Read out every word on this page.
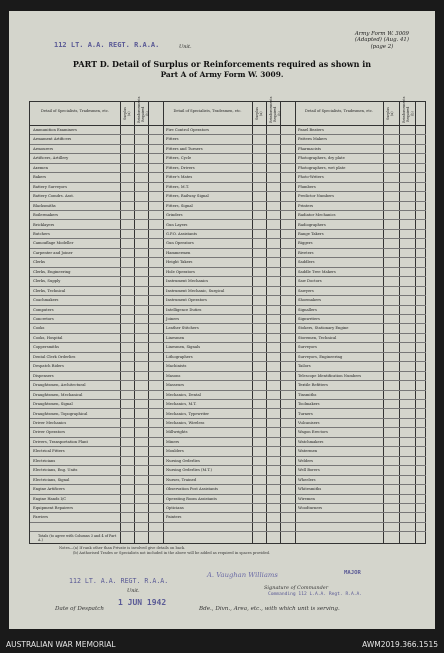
112 LT. A.A. REGT. R.A.A.	Unit.
Army Form W. 3009
(Adapted) (Aug. 41)
(page 2)
PART D. Detail of Surplus or Reinforcements required as shown in
Part A of Army Form W. 3009.
Detail of Specialists, Tradesmen, etc.	Surplus (a) Reinforcements Required (b)
Ammunition Examiners
Armament Artificers
Armourers
Artificers, Artillery
Axemen
Bakers
Battery Surveyors
Battery Comdrs. Asst.
Blacksmiths
Boilermakers
Bricklayers
Butchers
Camouflage Modeller
Carpenter and Joiner
Clerks
Clerks, Engineering
Clerks, Supply
Clerks, Technical
Coachmakers
Computers
Concretors
Cooks
Cooks, Hospital
Coppersmiths
Dental Clerk Orderlies
Despatch Riders
Dispensers
Draughtsmen, Architectural
Draughtsmen, Mechanical
Draughtsmen, Signal
Draughtsmen, Topographical
Driver Mechanics
Driver Operators
Drivers, Transportation Plant
Electrical Fitters
Electricians
Electricians, Eng. Units
Electricians, Signal
Engine Artificers
Engine Hands I/C
Equipment Repairers
Farriers
Detail of Specialists, Tradesmen, etc.	Surplus (a) Reinforcements Required (b)
Fire Control Operators
Fitters
Fitters and Turners
Fitters, Cycle
Fitters, Drivers
Fitter's Mates
Fitters, M.T.
Fitters, Railway Signal
Fitters, Signal
Grinders
Gun Layers
G.P.O. Assistants
Gun Operators
Hammermen
Height Takers
Hole Operators
Instrument Mechanics
Instrument Mechanic, Surgical
Instrument Operators
Intelligence Duties
Joiners
Leather Stitchers
Linesmen
Linesmen, Signals
Lithographers
Machinists
Masons
Masseurs
Mechanics, Dental
Mechanics, M.T.
Mechanics, Typewriter
Mechanics, Wireless
Millwrights
Miners
Moulders
Nursing Orderlies
Nursing Orderlies (M.T.)
Nurses, Trained
Observation Post Assistants
Operating Room Assistants
Opticians
Painters
Detail of Specialists, Tradesmen, etc.	Surplus (a) Reinforcements Required (b)
Panel Beaters
Pattern Makers
Pharmacists
Photographers, dry plate
Photographers, wet plate
Photo-Writers
Plumbers
Predictor Numbers
Printers
Radiator Mechanics
Radiographers
Range Takers
Riggers
Riveters
Saddlers
Saddle Tree Makers
Saw Doctors
Sawyers
Shoemakers
Signallers
Signwriters
Stokers, Stationary Engine
Storemen, Technical
Surveyors
Surveyors, Engineering
Tailors
Telescope Identification Numbers
Textile Refitters
Tinsmiths
Toolmakers
Turners
Vulcanisers
Wagon Erectors
Watchmakers
Watermen
Welders
Well Borers
Wheelers
Whitesmiths
Wiremen
Woodturners
Totals (to agree with Columns 3 and 4 of Part A.)
Notes—(a) If rank other than Private is involved give details on back.
(b) Authorised Trades or Specialists not included in the above will be added as required in spaces provided.
112 LT. A.A. REGT. R.A.A.
Unit.
A. Vaughan Williams	MAJOR
Signature of Commander
Commanding 112 L.A.A. Regt. R.A.A.
1 JUN 1942
Date of Despatch	Bde., Divn., Area, etc., with which unit is serving.
AUSTRALIAN WAR MEMORIAL	AWM2019.366.1515
